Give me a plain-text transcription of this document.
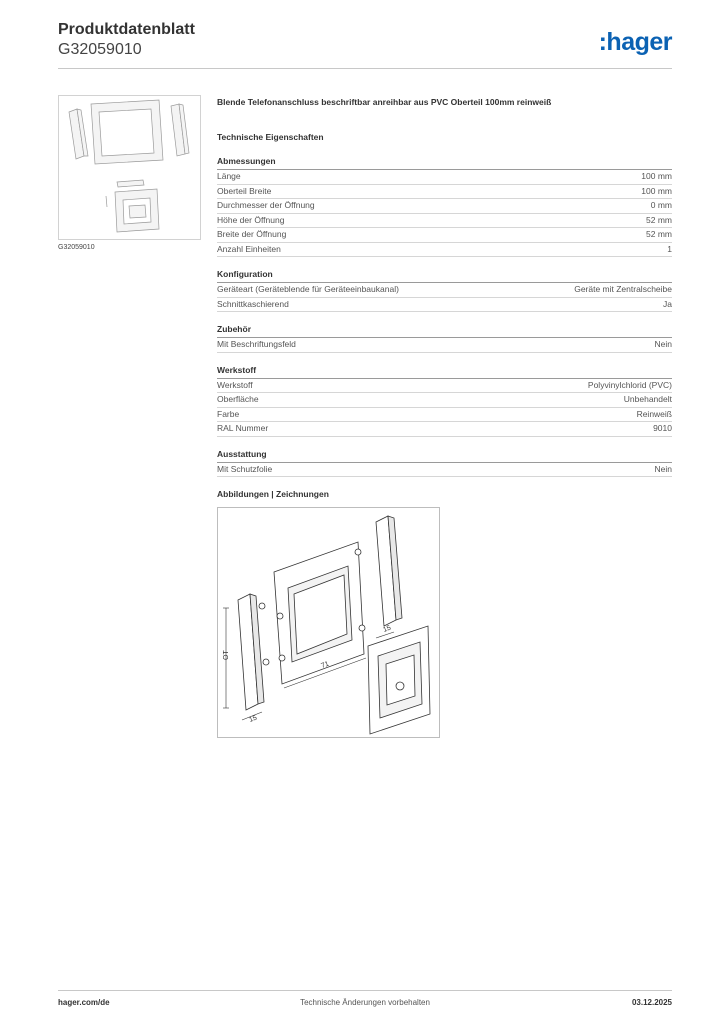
Produktdatenblatt
G32059010	:hager
G32059010
Blende Telefonanschluss beschriftbar anreihbar aus PVC Oberteil 100mm reinweiß
Technische Eigenschaften
Abmessungen
Länge	100 mm
Oberteil Breite	100 mm
Durchmesser der Öffnung	0 mm
Höhe der Öffnung	52 mm
Breite der Öffnung	52 mm
Anzahl Einheiten	1
Konfiguration
Geräteart (Geräteblende für Geräteeinbaukanal)	Geräte mit Zentralscheibe
Schnittkaschierend	Ja
Zubehör
Mit Beschriftungsfeld	Nein
Werkstoff
Werkstoff	Polyvinylchlorid (PVC)
Oberfläche	Unbehandelt
Farbe	Reinweiß
RAL Nummer	9010
Ausstattung
Mit Schutzfolie	Nein
Abbildungen | Zeichnungen
OT
71
15
15
Technische Änderungen vorbehalten
hager.com/de	03.12.2025
